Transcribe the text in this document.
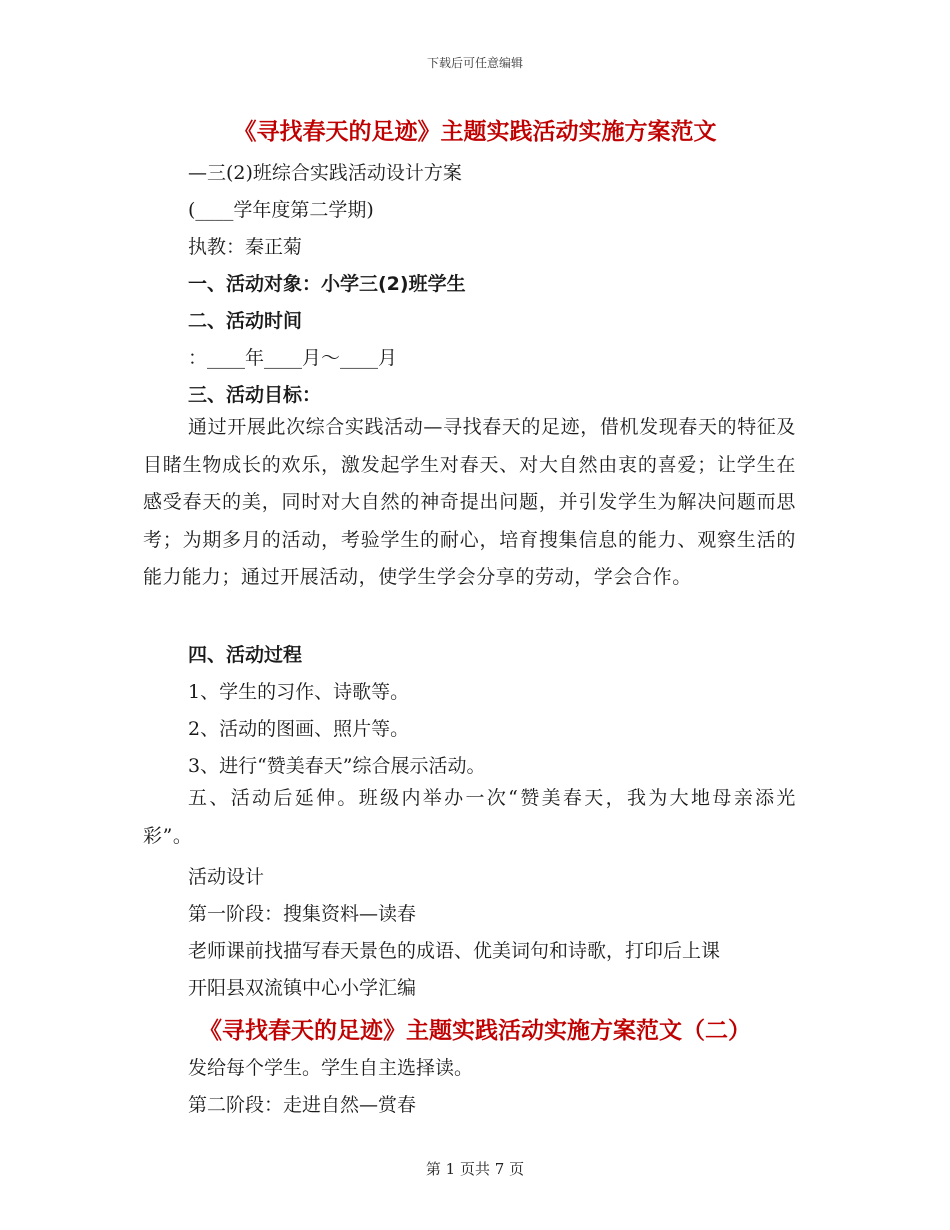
下载后可任意编辑
《寻找春天的足迹》主题实践活动实施方案范文
—三(2)班综合实践活动设计方案
(____学年度第二学期)
执教：秦正菊
一、活动对象：小学三(2)班学生
二、活动时间
：____年____月～____月
三、活动目标：
通过开展此次综合实践活动—寻找春天的足迹，借机发现春天的特征及目睹生物成长的欢乐，激发起学生对春天、对大自然由衷的喜爱；让学生在感受春天的美，同时对大自然的神奇提出问题，并引发学生为解决问题而思考；为期多月的活动，考验学生的耐心，培育搜集信息的能力、观察生活的能力能力；通过开展活动，使学生学会分享的劳动，学会合作。
四、活动过程
1、学生的习作、诗歌等。
2、活动的图画、照片等。
3、进行“赞美春天”综合展示活动。
五、活动后延伸。班级内举办一次“赞美春天，我为大地母亲添光彩”。
活动设计
第一阶段：搜集资料—读春
老师课前找描写春天景色的成语、优美词句和诗歌，打印后上课
开阳县双流镇中心小学汇编
《寻找春天的足迹》主题实践活动实施方案范文（二）
发给每个学生。学生自主选择读。
第二阶段：走进自然—赏春
第 1 页共 7 页
